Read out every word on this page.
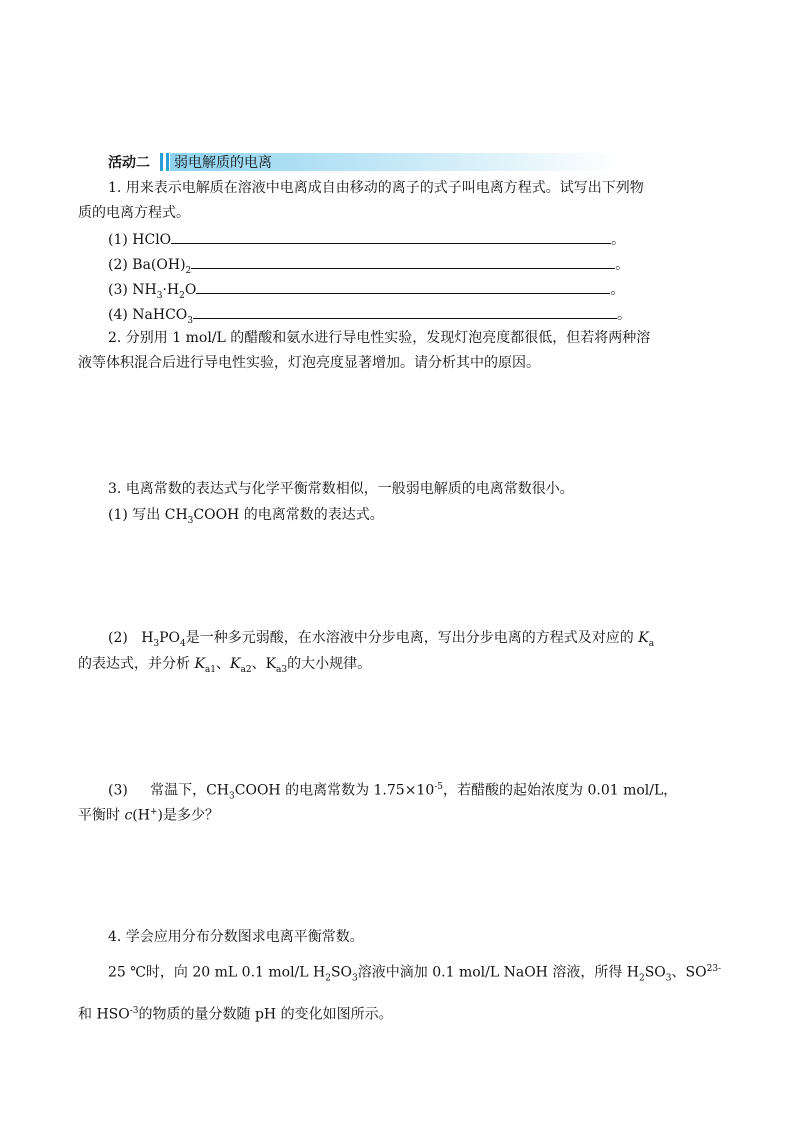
活动二 弱电解质的电离
1. 用来表示电解质在溶液中电离成自由移动的离子的式子叫电离方程式。试写出下列物
质的电离方程式。
(1) HClO	。
(2) $Ba(OH)_2$	。
(3) $NH_3\cdot H_2O$	。
(4) NaHCO$_3$	。
2. 分别用 1 mol/L 的醋酸和氨水进行导电性实验，发现灯泡亮度都很低，但若将两种溶
液等体积混合后进行导电性实验，灯泡亮度显著增加。请分析其中的原因。
3. 电离常数的表达式与化学平衡常数相似，一般弱电解质的电离常数很小。
(1) 写出 $CH_3COOH$ 的电离常数的表达式。
(2)   $H_3PO_4$是一种多元弱酸，在水溶液中分步电离，写出分步电离的方程式及对应的 $K_a$
的表达式，并分析 $K_{a1}$、$K_{a2}$、$K_{a3}$的大小规律。
(3)     常温下，$CH_3COOH$ 的电离常数为 $1.75\times 10^{-5}$，若醋酸的起始浓度为 0.01 mol/L，
平衡时 c(H+)是多少？
4. 学会应用分布分数图求电离平衡常数。
25 ℃时，向 20 mL 0.1 mol/L $H_2SO_3$溶液中滴加 0.1 mol/L NaOH 溶液，所得 $H_2SO_3$、$SO^{23-}$
和 $HSO^{-3}$的物质的量分数随 pH 的变化如图所示。
